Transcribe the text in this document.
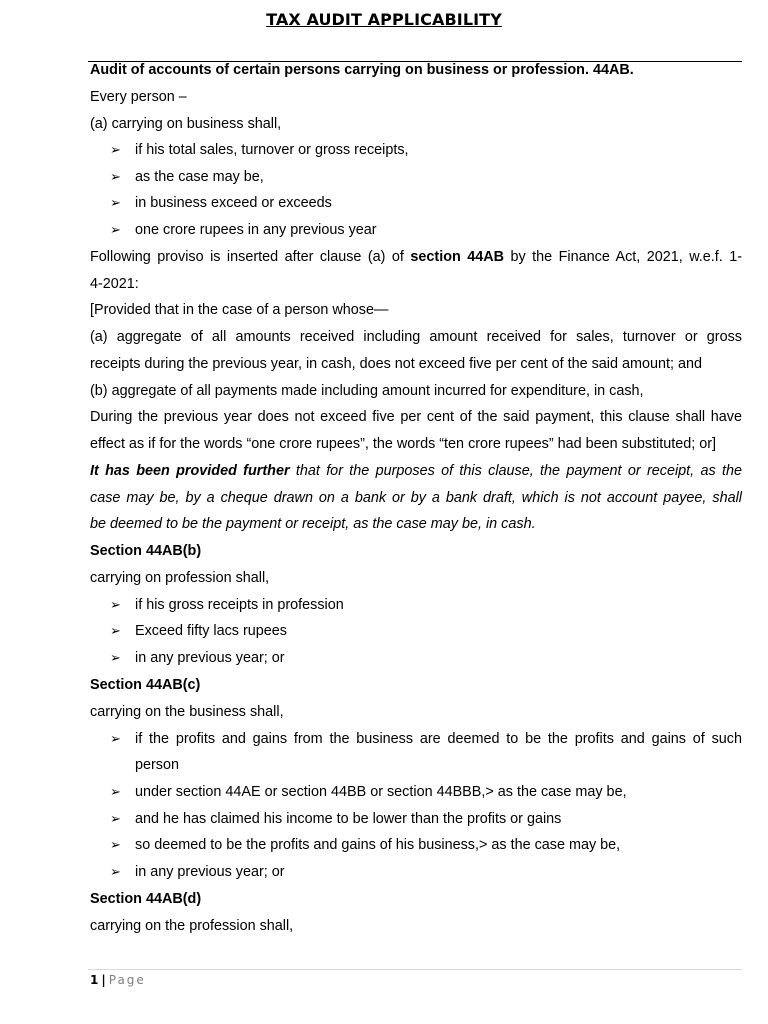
TAX AUDIT APPLICABILITY
Audit of accounts of certain persons carrying on business or profession. 44AB.
Every person –
(a) carrying on business shall,
➢ if his total sales, turnover or gross receipts,
➢ as the case may be,
➢ in business exceed or exceeds
➢ one crore rupees in any previous year
Following proviso is inserted after clause (a) of section 44AB by the Finance Act, 2021, w.e.f. 1-
4-2021:
[Provided that in the case of a person whose—
(a) aggregate of all amounts received including amount received for sales, turnover or gross
receipts during the previous year, in cash, does not exceed five per cent of the said amount; and
(b) aggregate of all payments made including amount incurred for expenditure, in cash,
During the previous year does not exceed five per cent of the said payment, this clause shall have
effect as if for the words “one crore rupees”, the words “ten crore rupees” had been substituted; or]
It has been provided further that for the purposes of this clause, the payment or receipt, as the
case may be, by a cheque drawn on a bank or by a bank draft, which is not account payee, shall
be deemed to be the payment or receipt, as the case may be, in cash.
Section 44AB(b)
carrying on profession shall,
➢ if his gross receipts in profession
➢ Exceed fifty lacs rupees
➢ in any previous year; or
Section 44AB(c)
carrying on the business shall,
➢ if the profits and gains from the business are deemed to be the profits and gains of such
person
➢ under section 44AE or section 44BB or section 44BBB,> as the case may be,
➢ and he has claimed his income to be lower than the profits or gains
➢ so deemed to be the profits and gains of his business,> as the case may be,
➢ in any previous year; or
Section 44AB(d)
carrying on the profession shall,
1 | Page
